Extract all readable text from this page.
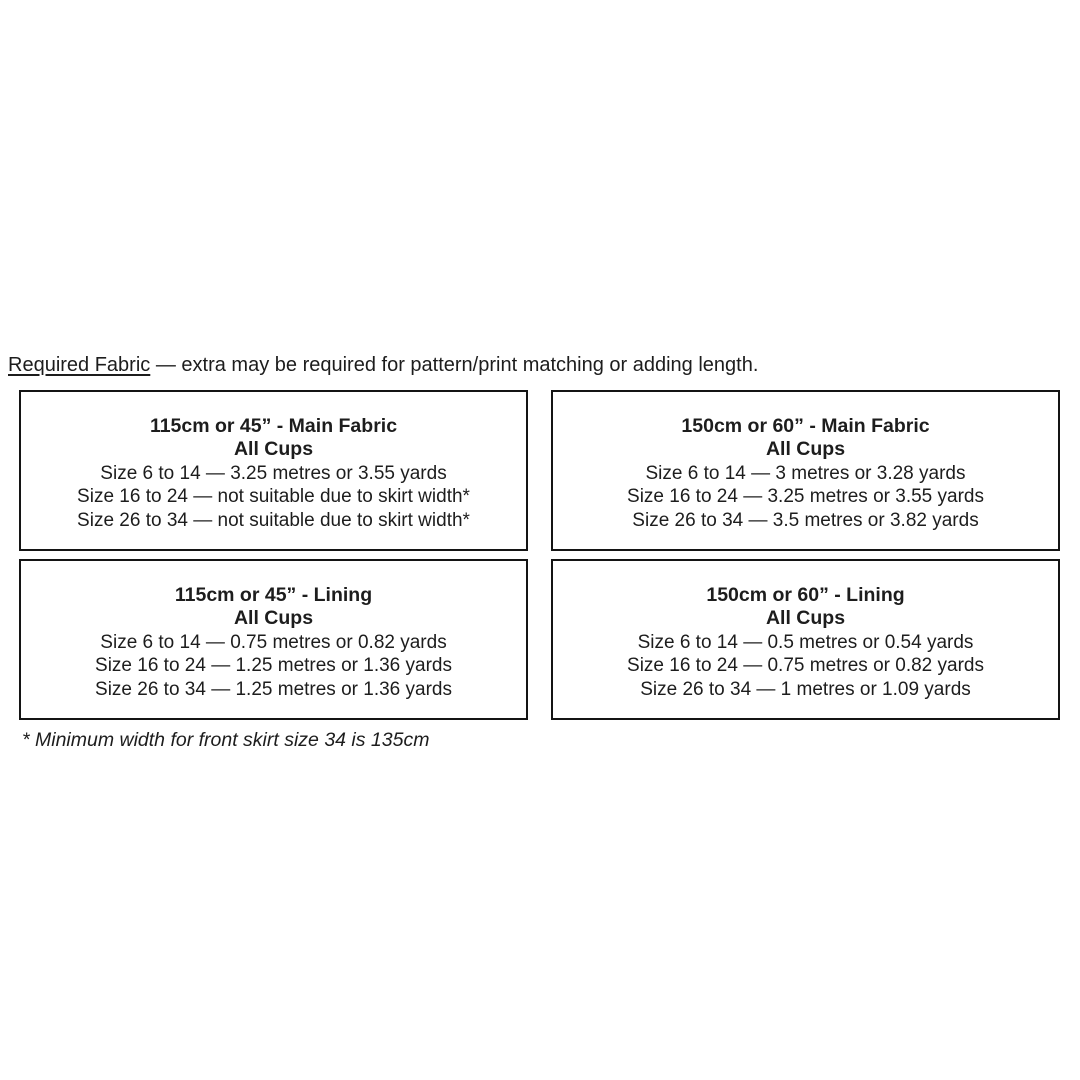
Required Fabric — extra may be required for pattern/print matching or adding length.
115cm or 45” - Main Fabric
All Cups
Size 6 to 14 — 3.25 metres or 3.55 yards
Size 16 to 24 — not suitable due to skirt width*
Size 26 to 34 — not suitable due to skirt width*
150cm or 60” - Main Fabric
All Cups
Size 6 to 14 — 3 metres or 3.28 yards
Size 16 to 24 — 3.25 metres or 3.55 yards
Size 26 to 34 — 3.5 metres or 3.82 yards
115cm or 45” - Lining
All Cups
Size 6 to 14 — 0.75 metres or 0.82 yards
Size 16 to 24 — 1.25 metres or 1.36 yards
Size 26 to 34 — 1.25 metres or 1.36 yards
150cm or 60” - Lining
All Cups
Size 6 to 14 — 0.5 metres or 0.54 yards
Size 16 to 24 — 0.75 metres or 0.82 yards
Size 26 to 34 — 1 metres or 1.09 yards
* Minimum width for front skirt size 34 is 135cm
